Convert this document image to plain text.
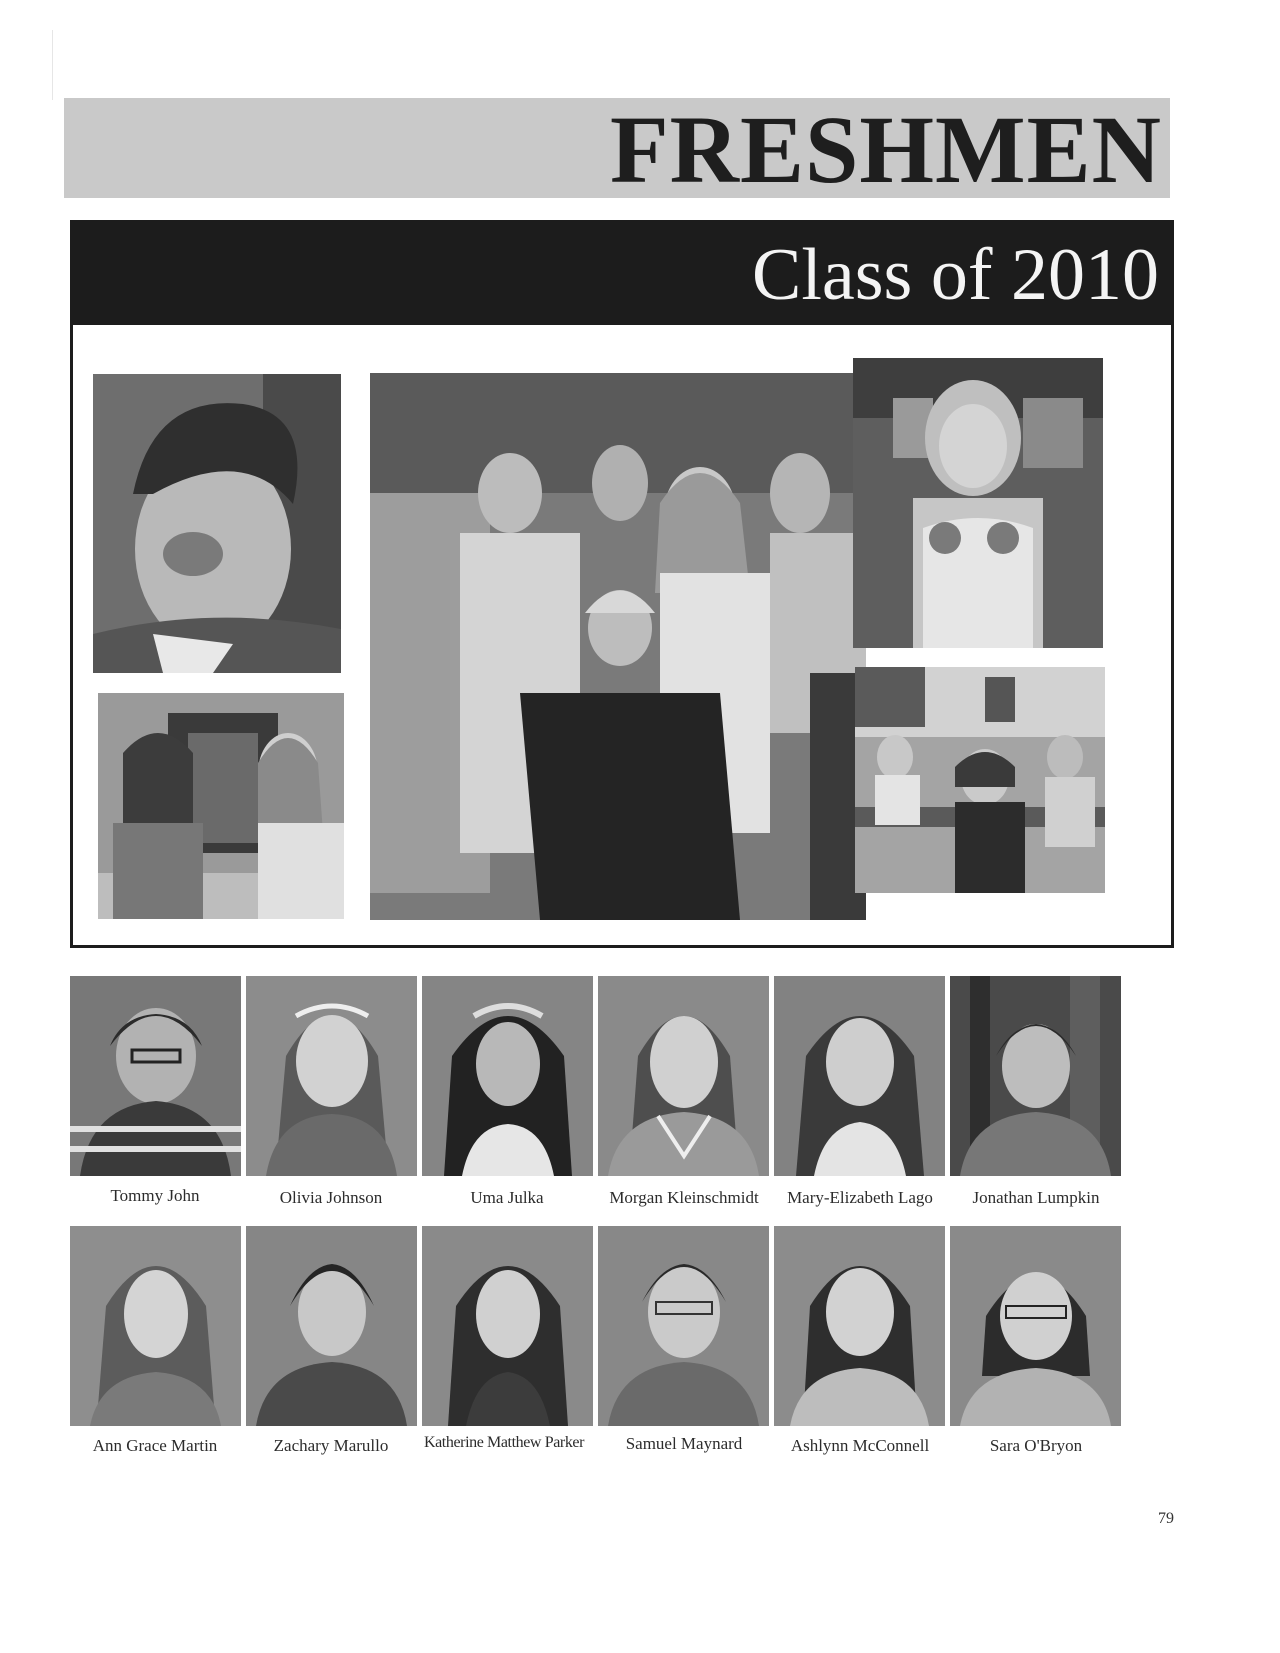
FRESHMEN
Class of 2010
Tommy John	Olivia Johnson	Uma Julka	Morgan Kleinschmidt	Mary-Elizabeth Lago	Jonathan Lumpkin
Ann Grace Martin	Zachary Marullo	Katherine Matthew Parker	Samuel Maynard	Ashlynn McConnell	Sara O'Bryon
79
